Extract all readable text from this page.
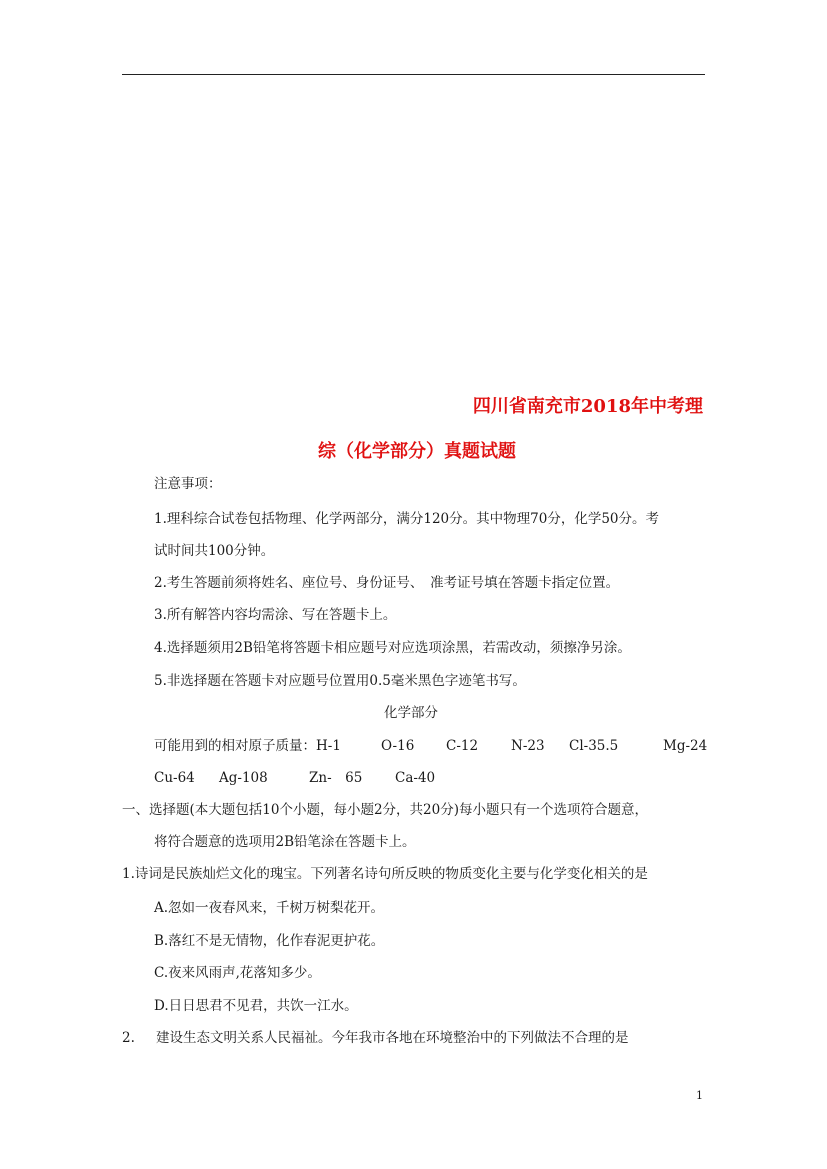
四川省南充市2018年中考理
综（化学部分）真题试题
注意事项：
1.理科综合试卷包括物理、化学两部分，满分120分。其中物理70分，化学50分。考
试时间共100分钟。
2.考生答题前须将姓名、座位号、身份证号、　准考证号填在答题卡指定位置。
3.所有解答内容均需涂、写在答题卡上。
4.选择题须用2B铅笔将答题卡相应题号对应选项涂黑，若需改动，须擦净另涂。
5.非选择题在答题卡对应题号位置用0.5毫米黑色字迹笔书写。
化学部分
可能用到的相对原子质量：H-1	O-16 C-12 N-23 Cl-35.5	Mg-24
Cu-64 Ag-108	Zn-　65 Ca-40
一、选择题(本大题包括10个小题，每小题2分，共20分)每小题只有一个选项符合题意，
将符合题意的选项用2B铅笔涂在答题卡上。
1.诗词是民族灿烂文化的瑰宝。下列著名诗句所反映的物质变化主要与化学变化相关的是
A.忽如一夜春风来，千树万树梨花开。
B.落红不是无情物，化作春泥更护花。
C.夜来风雨声,花落知多少。
D.日日思君不见君，共饮一江水。
2. 建设生态文明关系人民福祉。今年我市各地在环境整治中的下列做法不合理的是
1
